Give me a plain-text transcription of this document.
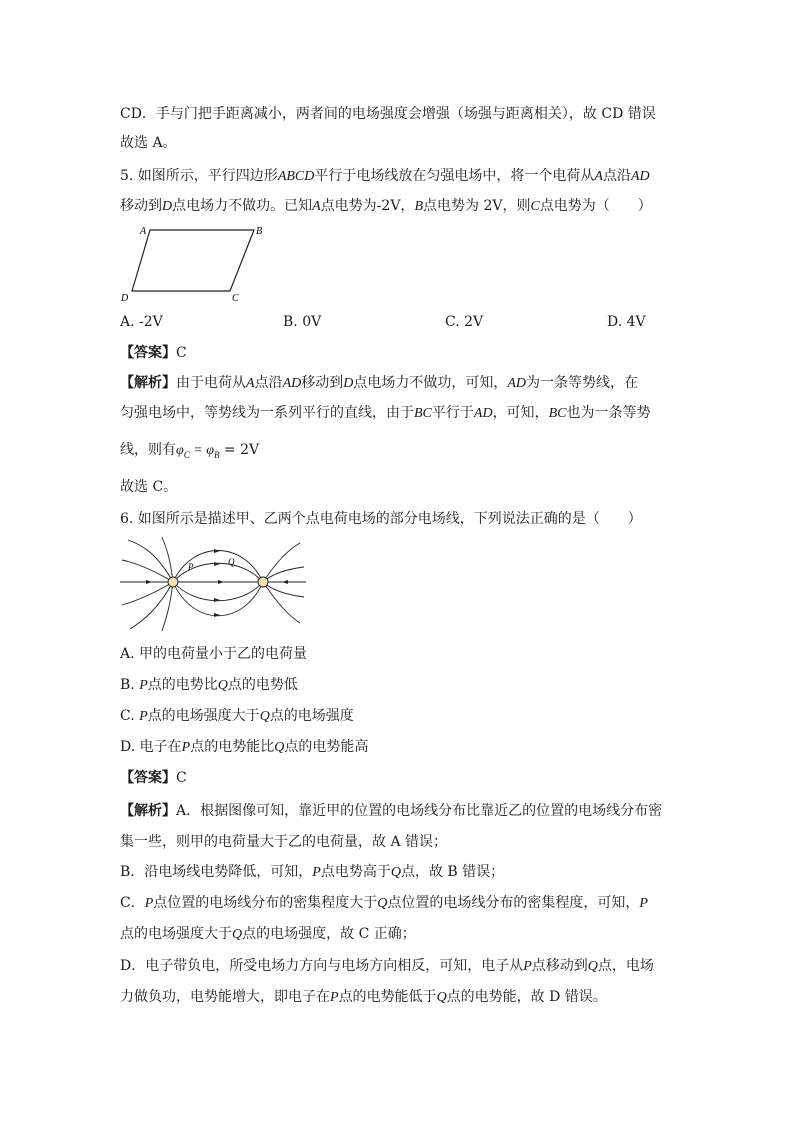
CD．手与门把手距离减小，两者间的电场强度会增强（场强与距离相关），故 CD 错误
故选 A。
5. 如图所示，平行四边形ABCD平行于电场线放在匀强电场中，将一个电荷从A点沿AD
移动到D点电场力不做功。已知A点电势为-2V，B点电势为 2V，则C点电势为（　　）
A	B
C
D
A. -2V	B. 0V	C. 2V	D. 4V
【答案】C
【解析】由于电荷从A点沿AD移动到D点电场力不做功，可知，AD为一条等势线，在
匀强电场中，等势线为一系列平行的直线，由于BC平行于AD，可知，BC也为一条等势
线，则有$\varphi_C = \varphi_B = 2V$
故选 C。
6. 如图所示是描述甲、乙两个点电荷电场的部分电场线，下列说法正确的是（　　）
P	Q
A. 甲的电荷量小于乙的电荷量
B. P点的电势比Q点的电势低
C. P点的电场强度大于Q点的电场强度
D. 电子在P点的电势能比Q点的电势能高
【答案】C
【解析】A．根据图像可知，靠近甲的位置的电场线分布比靠近乙的位置的电场线分布密
集一些，则甲的电荷量大于乙的电荷量，故 A 错误；
B．沿电场线电势降低，可知，P点电势高于Q点，故 B 错误；
C．P点位置的电场线分布的密集程度大于Q点位置的电场线分布的密集程度，可知，P
点的电场强度大于Q点的电场强度，故 C 正确；
D．电子带负电，所受电场力方向与电场方向相反，可知，电子从P点移动到Q点，电场
力做负功，电势能增大，即电子在P点的电势能低于Q点的电势能，故 D 错误。
